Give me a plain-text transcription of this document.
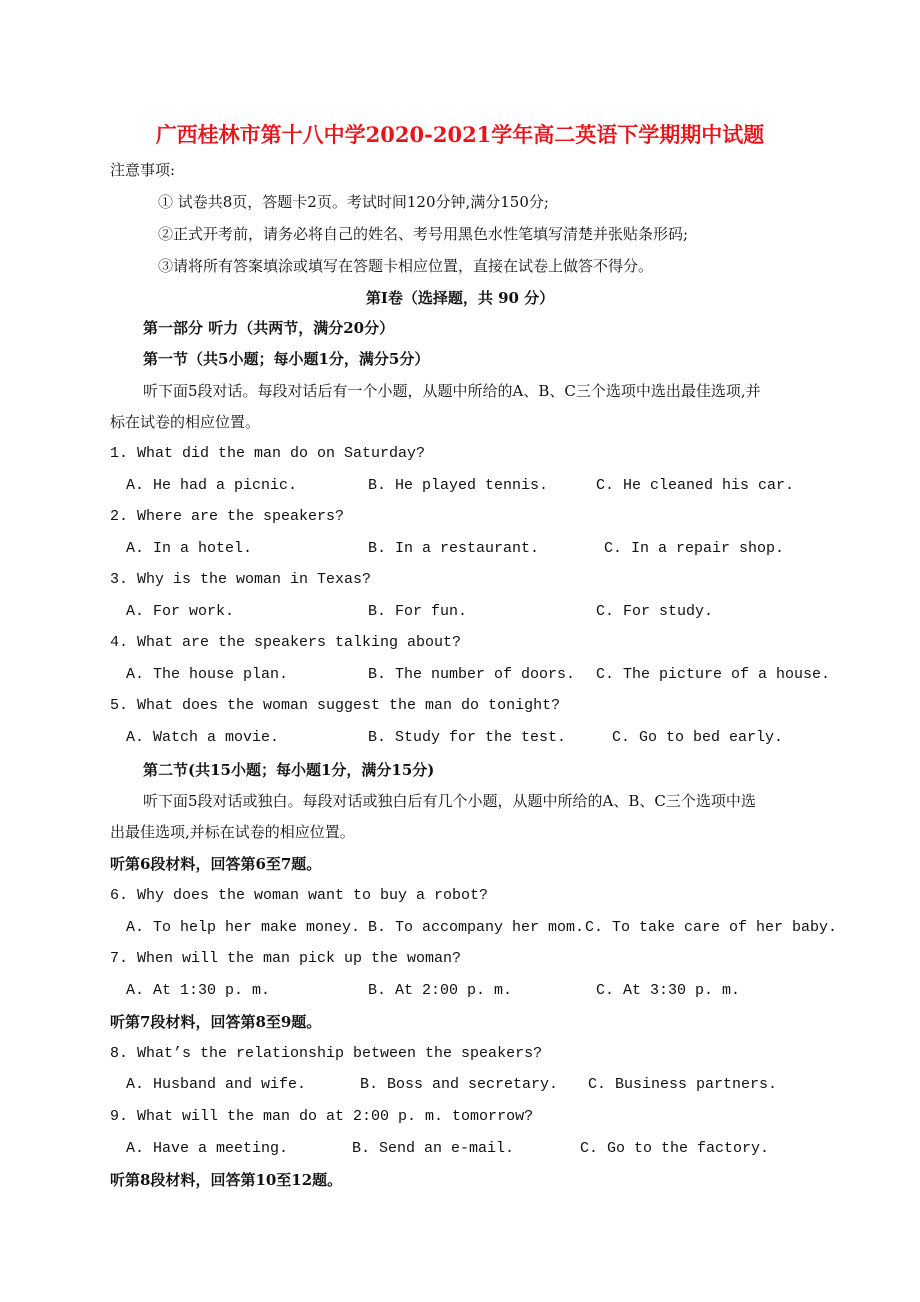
广西桂林市第十八中学2020-2021学年高二英语下学期期中试题
注意事项:
① 试卷共8页，答题卡2页。考试时间120分钟,满分150分;
②正式开考前，请务必将自己的姓名、考号用黑色水性笔填写清楚并张贴条形码;
③请将所有答案填涂或填写在答题卡相应位置，直接在试卷上做答不得分。
第Ⅰ卷（选择题，共 90 分）
第一部分 听力（共两节，满分20分）
第一节（共5小题；每小题1分，满分5分）
听下面5段对话。每段对话后有一个小题，从题中所给的A、B、C三个选项中选出最佳选项,并
标在试卷的相应位置。
1. What did the man do on Saturday?
A. He had a picnic.	B. He played tennis.	C. He cleaned his car.
2. Where are the speakers?
A. In a hotel.	B. In a restaurant.	C. In a repair shop.
3. Why is the woman in Texas?
A. For work.	B. For fun.	C. For study.
4. What are the speakers talking about?
A. The house plan.	B. The number of doors. C. The picture of a house.
5. What does the woman suggest the man do tonight?
A. Watch a movie.	B. Study for the test.	C. Go to bed early.
第二节(共15小题；每小题1分，满分15分)
听下面5段对话或独白。每段对话或独白后有几个小题，从题中所给的A、B、C三个选项中选
出最佳选项,并标在试卷的相应位置。
听第6段材料，回答第6至7题。
6. Why does the woman want to buy a robot?
A. To help her make money. B. To accompany her mom. C. To take care of her baby.
7. When will the man pick up the woman?
A. At 1:30 p. m.	B. At 2:00 p. m.	C. At 3:30 p. m.
听第7段材料，回答第8至9题。
8. What’s the relationship between the speakers?
A. Husband and wife.	B. Boss and secretary. C. Business partners.
9. What will the man do at 2:00 p. m. tomorrow?
A. Have a meeting.	B. Send an e-mail.	C. Go to the factory.
听第8段材料，回答第10至12题。
